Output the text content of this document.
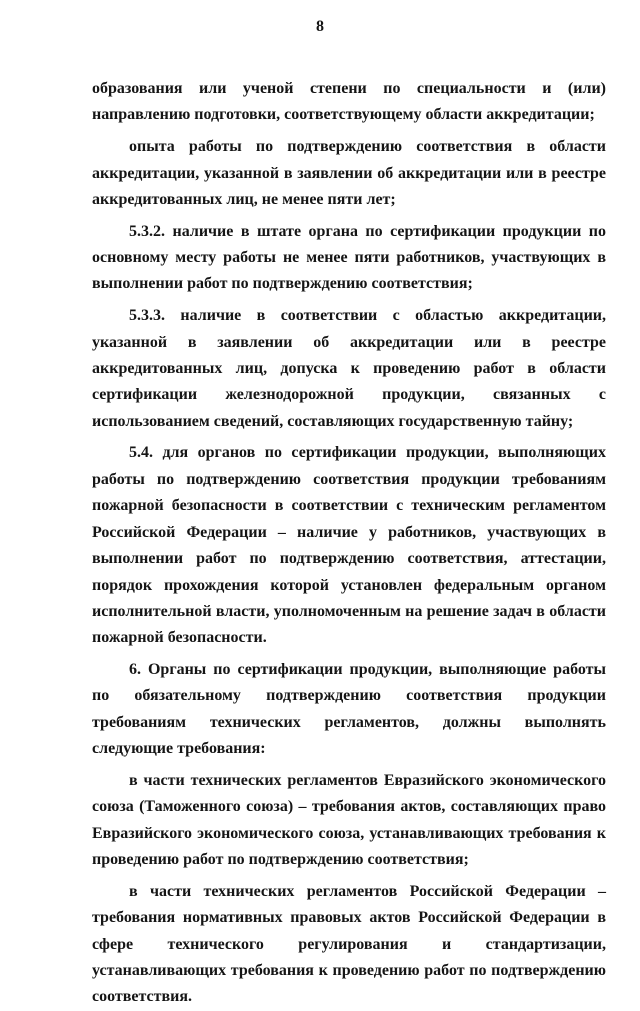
8

образования или ученой степени по специальности и (или) направлению подготовки, соответствующему области аккредитации;

опыта работы по подтверждению соответствия в области аккредитации, указанной в заявлении об аккредитации или в реестре аккредитованных лиц, не менее пяти лет;

5.3.2. наличие в штате органа по сертификации продукции по основному месту работы не менее пяти работников, участвующих в выполнении работ по подтверждению соответствия;

5.3.3. наличие в соответствии с областью аккредитации, указанной в заявлении об аккредитации или в реестре аккредитованных лиц, допуска к проведению работ в области сертификации железнодорожной продукции, связанных с использованием сведений, составляющих государственную тайну;

5.4. для органов по сертификации продукции, выполняющих работы по подтверждению соответствия продукции требованиям пожарной безопасности в соответствии с техническим регламентом Российской Федерации – наличие у работников, участвующих в выполнении работ по подтверждению соответствия, аттестации, порядок прохождения которой установлен федеральным органом исполнительной власти, уполномоченным на решение задач в области пожарной безопасности.

6. Органы по сертификации продукции, выполняющие работы по обязательному подтверждению соответствия продукции требованиям технических регламентов, должны выполнять следующие требования:

в части технических регламентов Евразийского экономического союза (Таможенного союза) – требования актов, составляющих право Евразийского экономического союза, устанавливающих требования к проведению работ по подтверждению соответствия;

в части технических регламентов Российской Федерации – требования нормативных правовых актов Российской Федерации в сфере технического регулирования и стандартизации, устанавливающих требования к проведению работ по подтверждению соответствия.
